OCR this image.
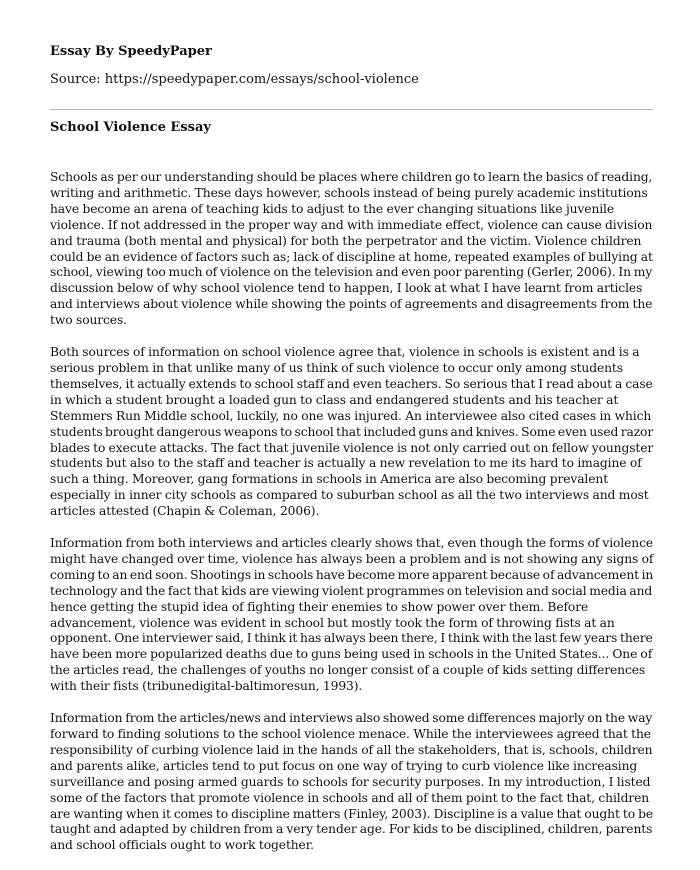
Essay By SpeedyPaper
Source: https://speedypaper.com/essays/school-violence
School Violence Essay

Schools as per our understanding should be places where children go to learn the basics of reading,
writing and arithmetic. These days however, schools instead of being purely academic institutions
have become an arena of teaching kids to adjust to the ever changing situations like juvenile
violence. If not addressed in the proper way and with immediate effect, violence can cause division
and trauma (both mental and physical) for both the perpetrator and the victim. Violence children
could be an evidence of factors such as; lack of discipline at home, repeated examples of bullying at
school, viewing too much of violence on the television and even poor parenting (Gerler, 2006). In my
discussion below of why school violence tend to happen, I look at what I have learnt from articles
and interviews about violence while showing the points of agreements and disagreements from the
two sources.

Both sources of information on school violence agree that, violence in schools is existent and is a
serious problem in that unlike many of us think of such violence to occur only among students
themselves, it actually extends to school staff and even teachers. So serious that I read about a case
in which a student brought a loaded gun to class and endangered students and his teacher at
Stemmers Run Middle school, luckily, no one was injured. An interviewee also cited cases in which
students brought dangerous weapons to school that included guns and knives. Some even used razor
blades to execute attacks. The fact that juvenile violence is not only carried out on fellow youngster
students but also to the staff and teacher is actually a new revelation to me its hard to imagine of
such a thing. Moreover, gang formations in schools in America are also becoming prevalent
especially in inner city schools as compared to suburban school as all the two interviews and most
articles attested (Chapin & Coleman, 2006).

Information from both interviews and articles clearly shows that, even though the forms of violence
might have changed over time, violence has always been a problem and is not showing any signs of
coming to an end soon. Shootings in schools have become more apparent because of advancement in
technology and the fact that kids are viewing violent programmes on television and social media and
hence getting the stupid idea of fighting their enemies to show power over them. Before
advancement, violence was evident in school but mostly took the form of throwing fists at an
opponent. One interviewer said, I think it has always been there, I think with the last few years there
have been more popularized deaths due to guns being used in schools in the United States... One of
the articles read, the challenges of youths no longer consist of a couple of kids setting differences
with their fists (tribunedigital-baltimoresun, 1993).

Information from the articles/news and interviews also showed some differences majorly on the way
forward to finding solutions to the school violence menace. While the interviewees agreed that the
responsibility of curbing violence laid in the hands of all the stakeholders, that is, schools, children
and parents alike, articles tend to put focus on one way of trying to curb violence like increasing
surveillance and posing armed guards to schools for security purposes. In my introduction, I listed
some of the factors that promote violence in schools and all of them point to the fact that, children
are wanting when it comes to discipline matters (Finley, 2003). Discipline is a value that ought to be
taught and adapted by children from a very tender age. For kids to be disciplined, children, parents
and school officials ought to work together.
